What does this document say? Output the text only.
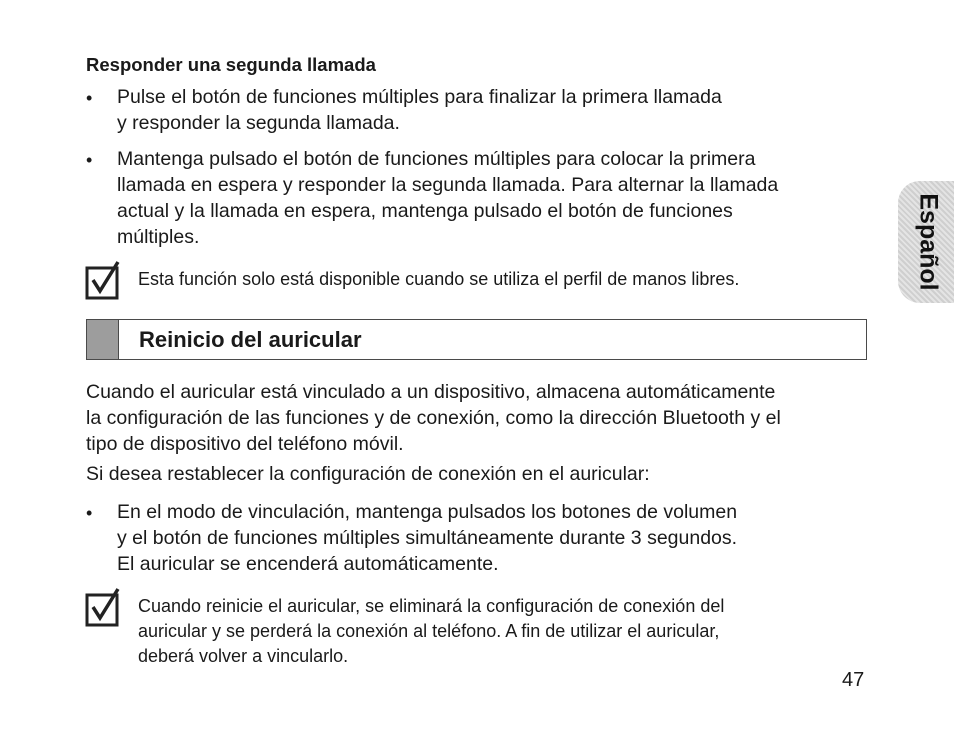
Español
Responder una segunda llamada
•	Pulse el botón de funciones múltiples para finalizar la primera llamada
y responder la segunda llamada.
•	Mantenga pulsado el botón de funciones múltiples para colocar la primera
llamada en espera y responder la segunda llamada. Para alternar la llamada
actual y la llamada en espera, mantenga pulsado el botón de funciones
múltiples.
Esta función solo está disponible cuando se utiliza el perfil de manos libres.
Reinicio del auricular
Cuando el auricular está vinculado a un dispositivo, almacena automáticamente
la configuración de las funciones y de conexión, como la dirección Bluetooth y el
tipo de dispositivo del teléfono móvil.
Si desea restablecer la configuración de conexión en el auricular:
•	En el modo de vinculación, mantenga pulsados los botones de volumen
y el botón de funciones múltiples simultáneamente durante 3 segundos.
El auricular se encenderá automáticamente.
Cuando reinicie el auricular, se eliminará la configuración de conexión del
auricular y se perderá la conexión al teléfono. A fin de utilizar el auricular,
deberá volver a vincularlo.
47
